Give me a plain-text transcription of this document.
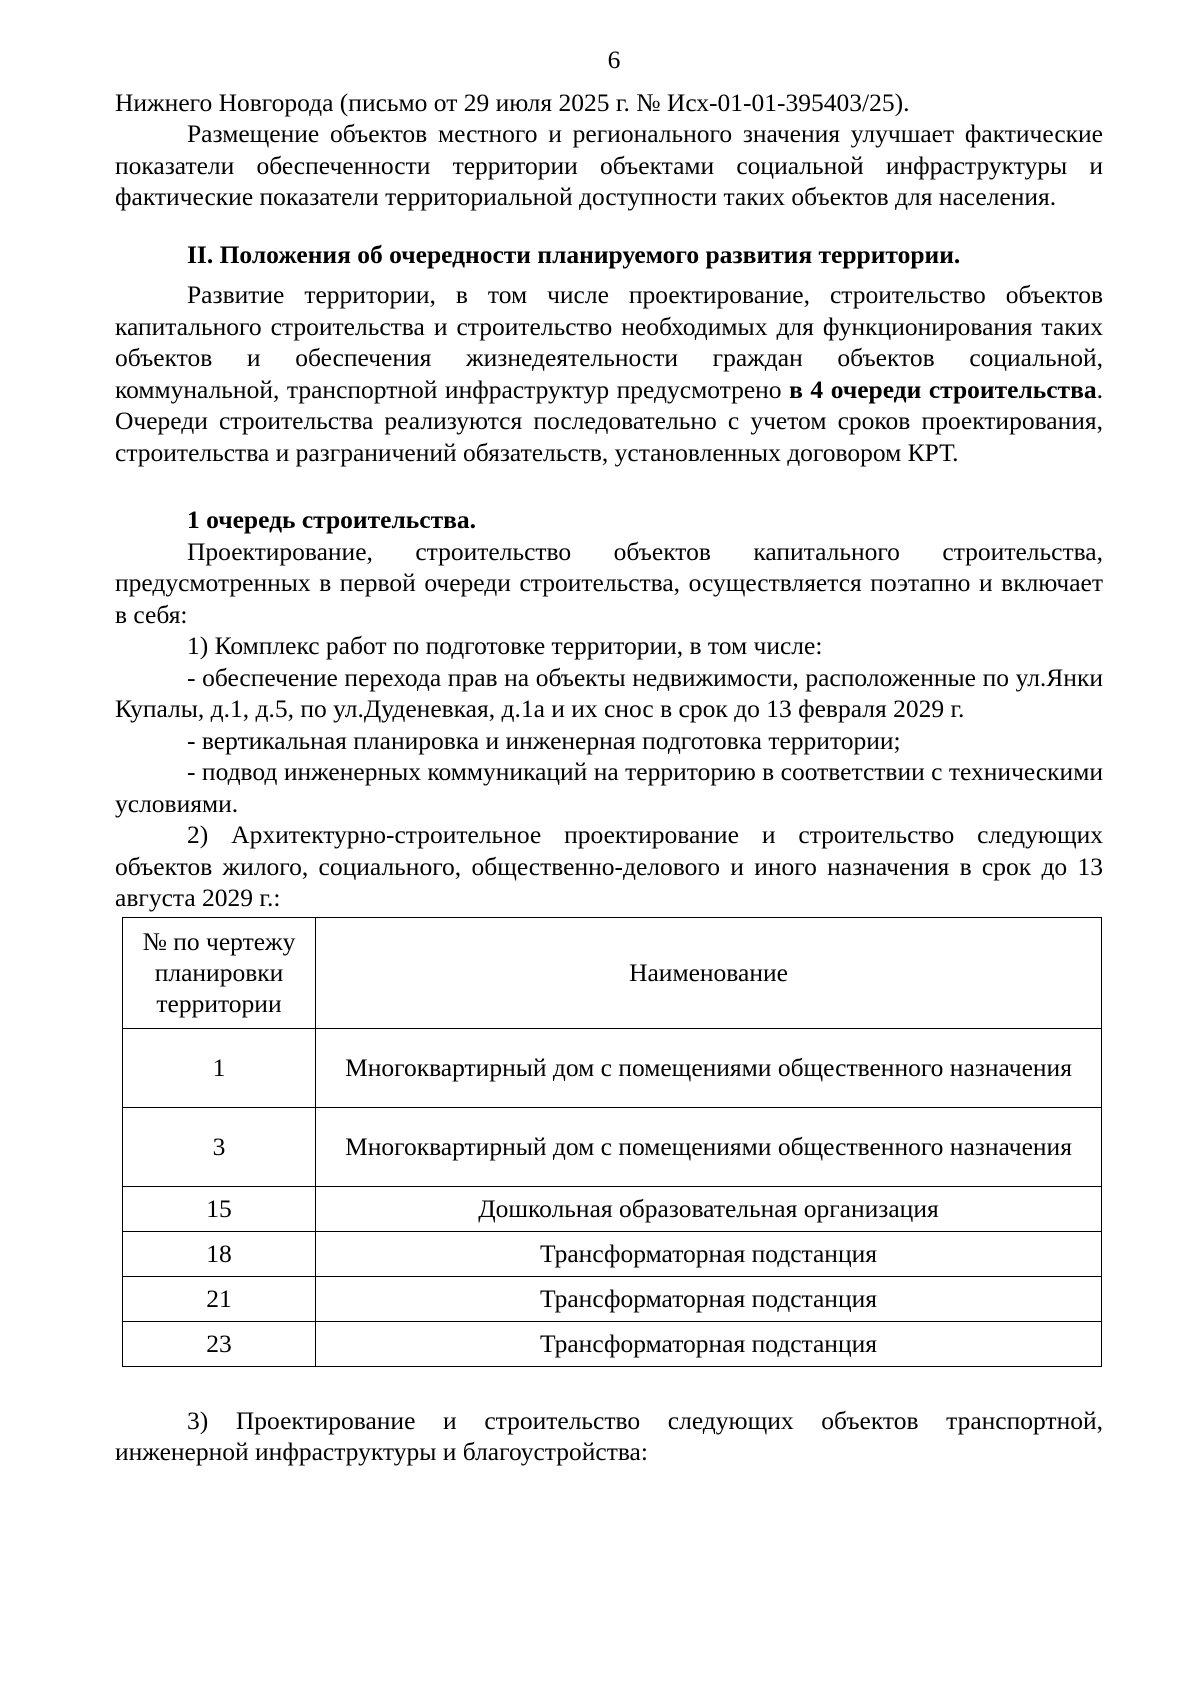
6

Нижнего Новгорода (письмо от 29 июля 2025 г. № Исх-01-01-395403/25).

Размещение объектов местного и регионального значения улучшает фактические показатели обеспеченности территории объектами социальной инфраструктуры и фактические показатели территориальной доступности таких объектов для населения.

II. Положения об очередности планируемого развития территории.

Развитие территории, в том числе проектирование, строительство объектов капитального строительства и строительство необходимых для функционирования таких объектов и обеспечения жизнедеятельности граждан объектов социальной, коммунальной, транспортной инфраструктур предусмотрено в 4 очереди строительства. Очереди строительства реализуются последовательно с учетом сроков проектирования, строительства и разграничений обязательств, установленных договором КРТ.

1 очередь строительства.

Проектирование, строительство объектов капитального строительства, предусмотренных в первой очереди строительства, осуществляется поэтапно и включает в себя:

1) Комплекс работ по подготовке территории, в том числе:

- обеспечение перехода прав на объекты недвижимости, расположенные по ул.Янки Купалы, д.1, д.5, по ул.Дуденевкая, д.1а и их снос в срок до 13 февраля 2029 г.

- вертикальная планировка и инженерная подготовка территории;

- подвод инженерных коммуникаций на территорию в соответствии с техническими условиями.

2) Архитектурно-строительное проектирование и строительство следующих объектов жилого, социального, общественно-делового и иного назначения в срок до 13 августа 2029 г.:

№ по чертежу планировки территории	Наименование
1	Многоквартирный дом с помещениями общественного назначения
3	Многоквартирный дом с помещениями общественного назначения
15	Дошкольная образовательная организация
18	Трансформаторная подстанция
21	Трансформаторная подстанция
23	Трансформаторная подстанция

3) Проектирование и строительство следующих объектов транспортной, инженерной инфраструктуры и благоустройства:
